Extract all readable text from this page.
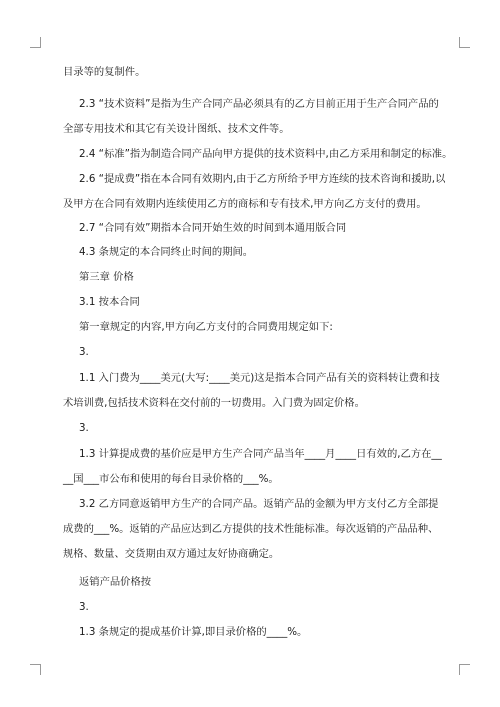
目录等的复制件。
2.3 “技术资料”是指为生产合同产品必须具有的乙方目前正用于生产合同产品的
全部专用技术和其它有关设计图纸、技术文件等。
2.4 “标准”指为制造合同产品向甲方提供的技术资料中,由乙方采用和制定的标准。
2.6 “提成费”指在本合同有效期内,由于乙方所给予甲方连续的技术咨询和援助,以
及甲方在合同有效期内连续使用乙方的商标和专有技术,甲方向乙方支付的费用。
2.7 “合同有效”期指本合同开始生效的时间到本通用版合同
4.3 条规定的本合同终止时间的期间。
第三章 价格
3.1 按本合同
第一章规定的内容,甲方向乙方支付的合同费用规定如下:
3.
1.1 入门费为____美元(大写:____美元)这是指本合同产品有关的资料转让费和技
术培训费,包括技术资料在交付前的一切费用。入门费为固定价格。
3.
1.3 计算提成费的基价应是甲方生产合同产品当年____月____日有效的,乙方在__
__国___市公布和使用的每台目录价格的___%。
3.2 乙方同意返销甲方生产的合同产品。返销产品的金额为甲方支付乙方全部提
成费的___%。返销的产品应达到乙方提供的技术性能标准。每次返销的产品品种、
规格、数量、交货期由双方通过友好协商确定。
返销产品价格按
3.
1.3 条规定的提成基价计算,即目录价格的____%。
